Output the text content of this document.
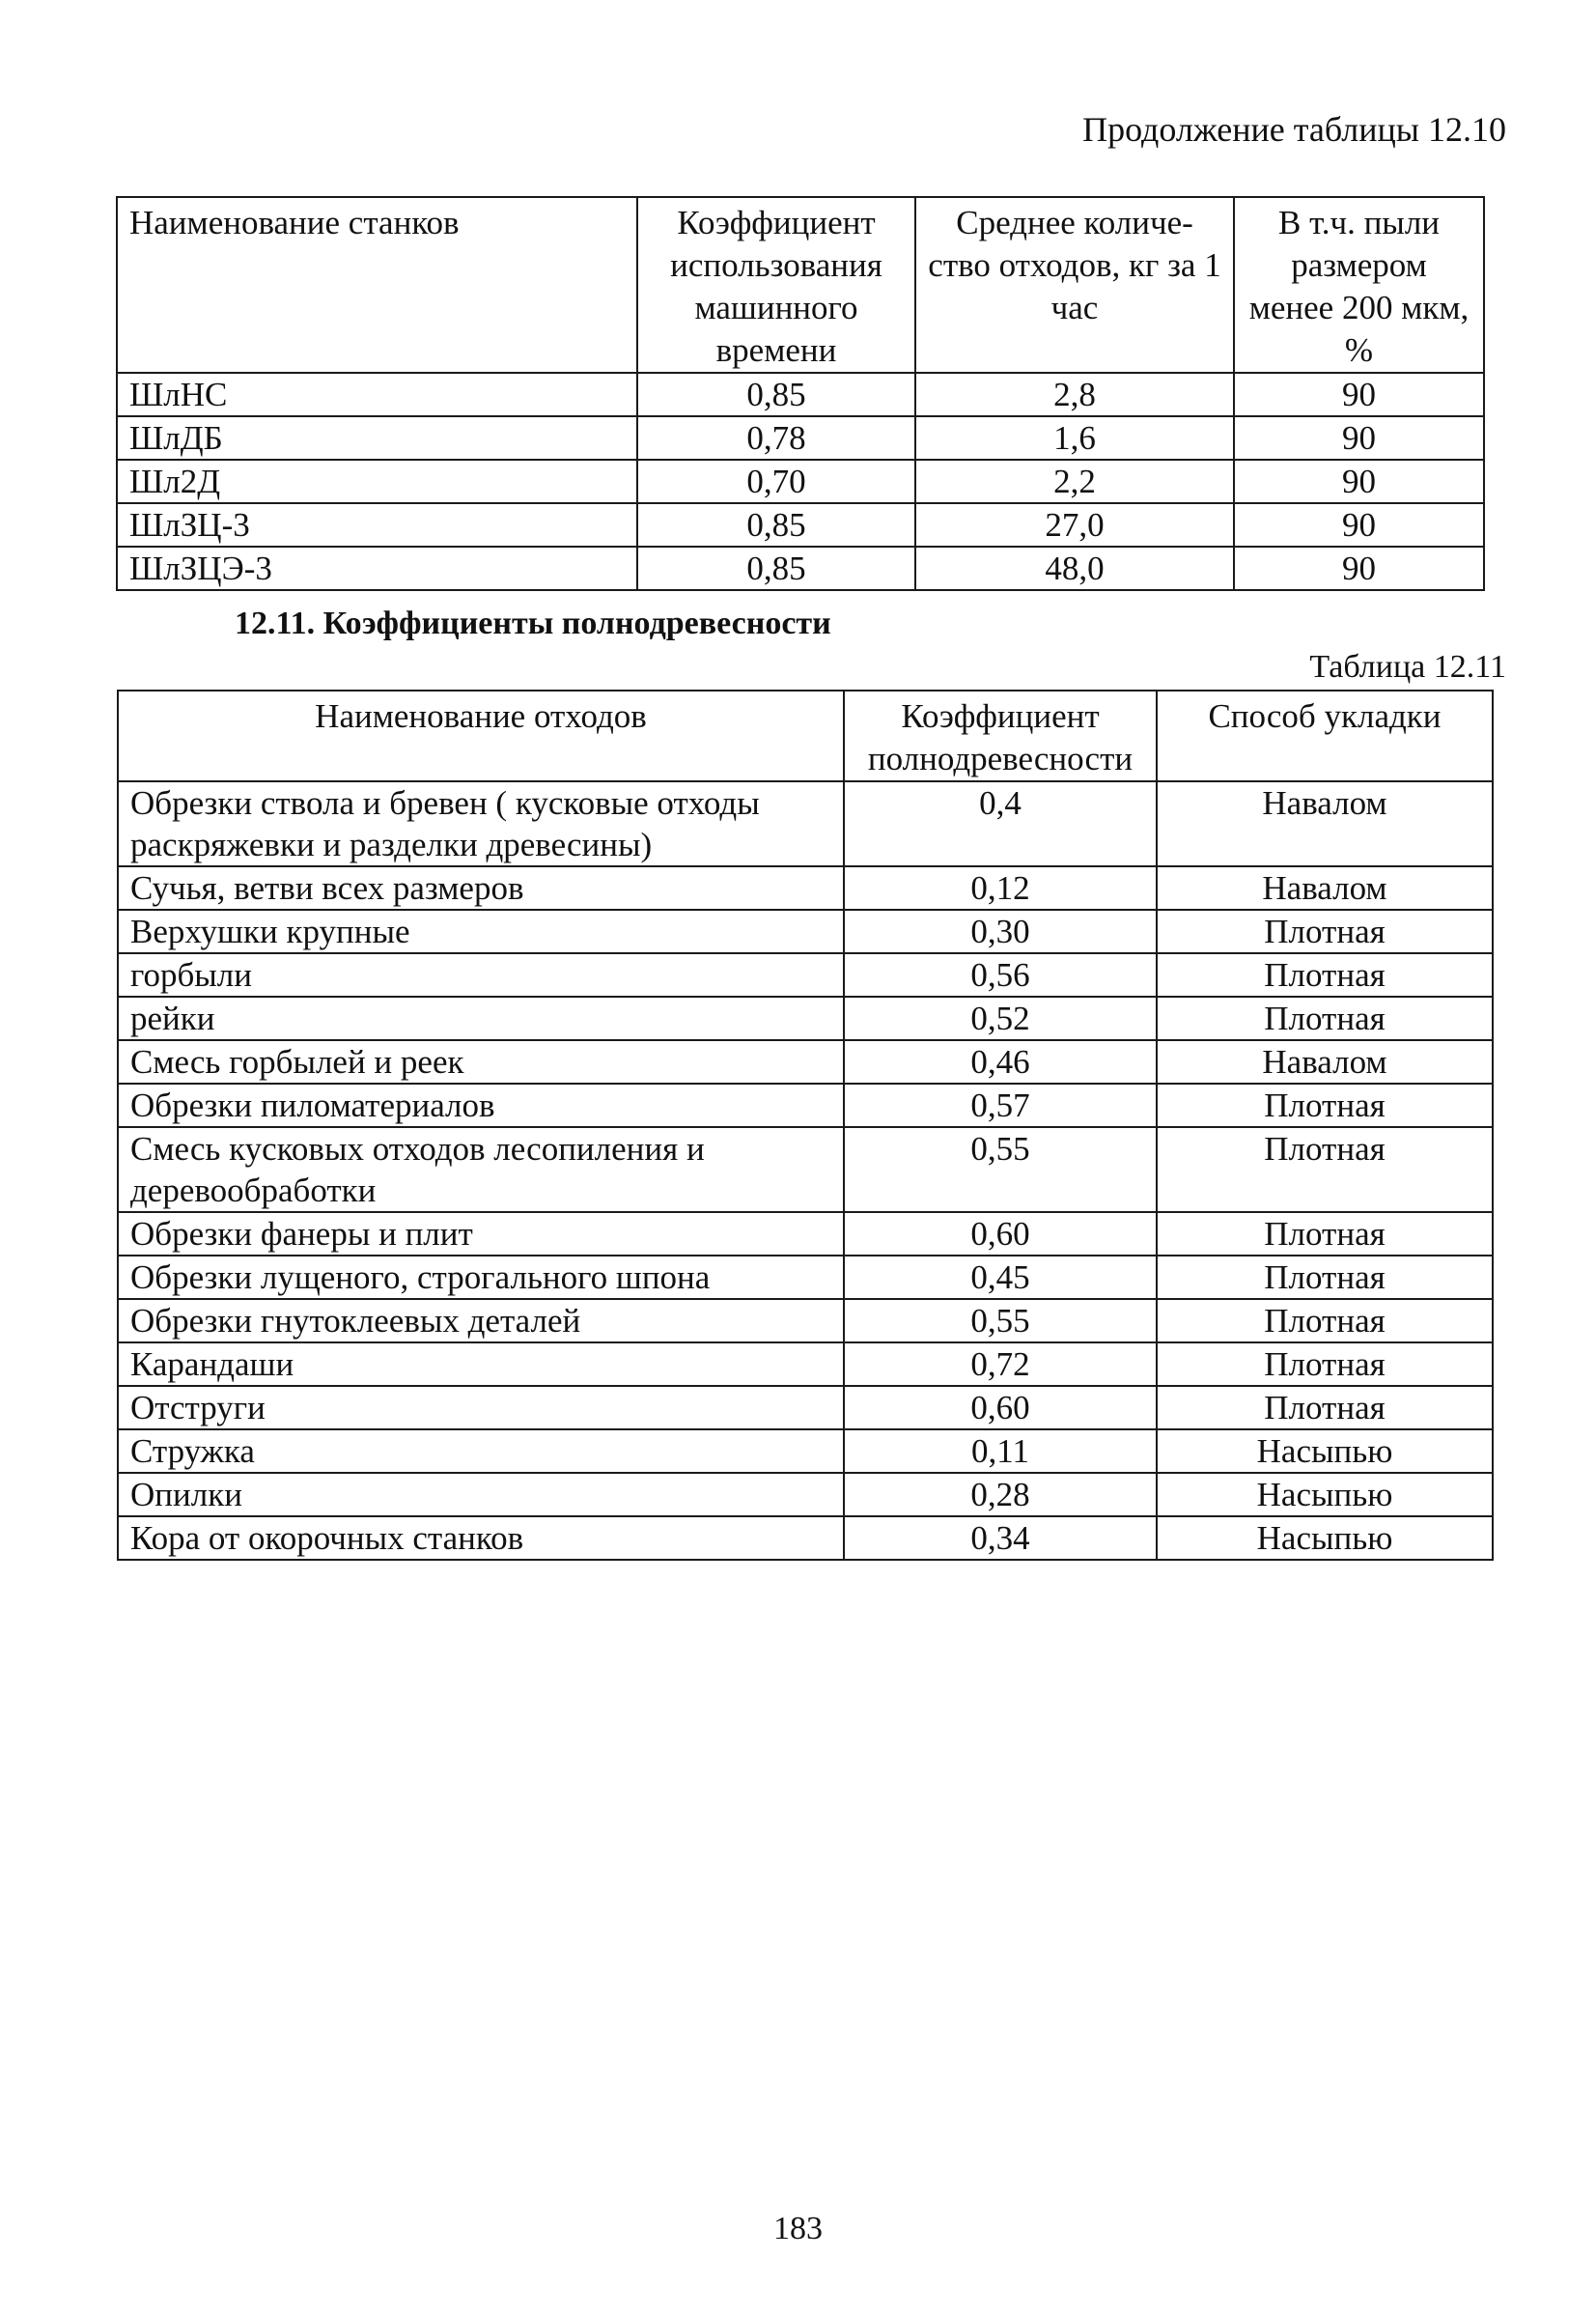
Продолжение таблицы 12.10
Наименование станков	Коэффициент использования машинного времени	Среднее количе-ство отходов, кг за 1 час	В т.ч. пыли размером менее 200 мкм, %
ШлНС	0,85	2,8	90
ШлДБ	0,78	1,6	90
Шл2Д	0,70	2,2	90
ШлЗЦ-3	0,85	27,0	90
ШлЗЦЭ-3	0,85	48,0	90
12.11. Коэффициенты полнодревесности
Таблица 12.11
Наименование отходов	Коэффициент полнодревесности	Способ укладки
Обрезки ствола и бревен ( кусковые отходы раскряжевки и разделки древесины)	0,4	Навалом
Сучья, ветви всех размеров	0,12	Навалом
Верхушки крупные	0,30	Плотная
горбыли	0,56	Плотная
рейки	0,52	Плотная
Смесь горбылей и реек	0,46	Навалом
Обрезки пиломатериалов	0,57	Плотная
Смесь кусковых отходов лесопиления и деревообработки	0,55	Плотная
Обрезки фанеры и плит	0,60	Плотная
Обрезки лущеного, строгального шпона	0,45	Плотная
Обрезки гнутоклеевых деталей	0,55	Плотная
Карандаши	0,72	Плотная
Отструги	0,60	Плотная
Стружка	0,11	Насыпью
Опилки	0,28	Насыпью
Кора от окорочных станков	0,34	Насыпью
183
